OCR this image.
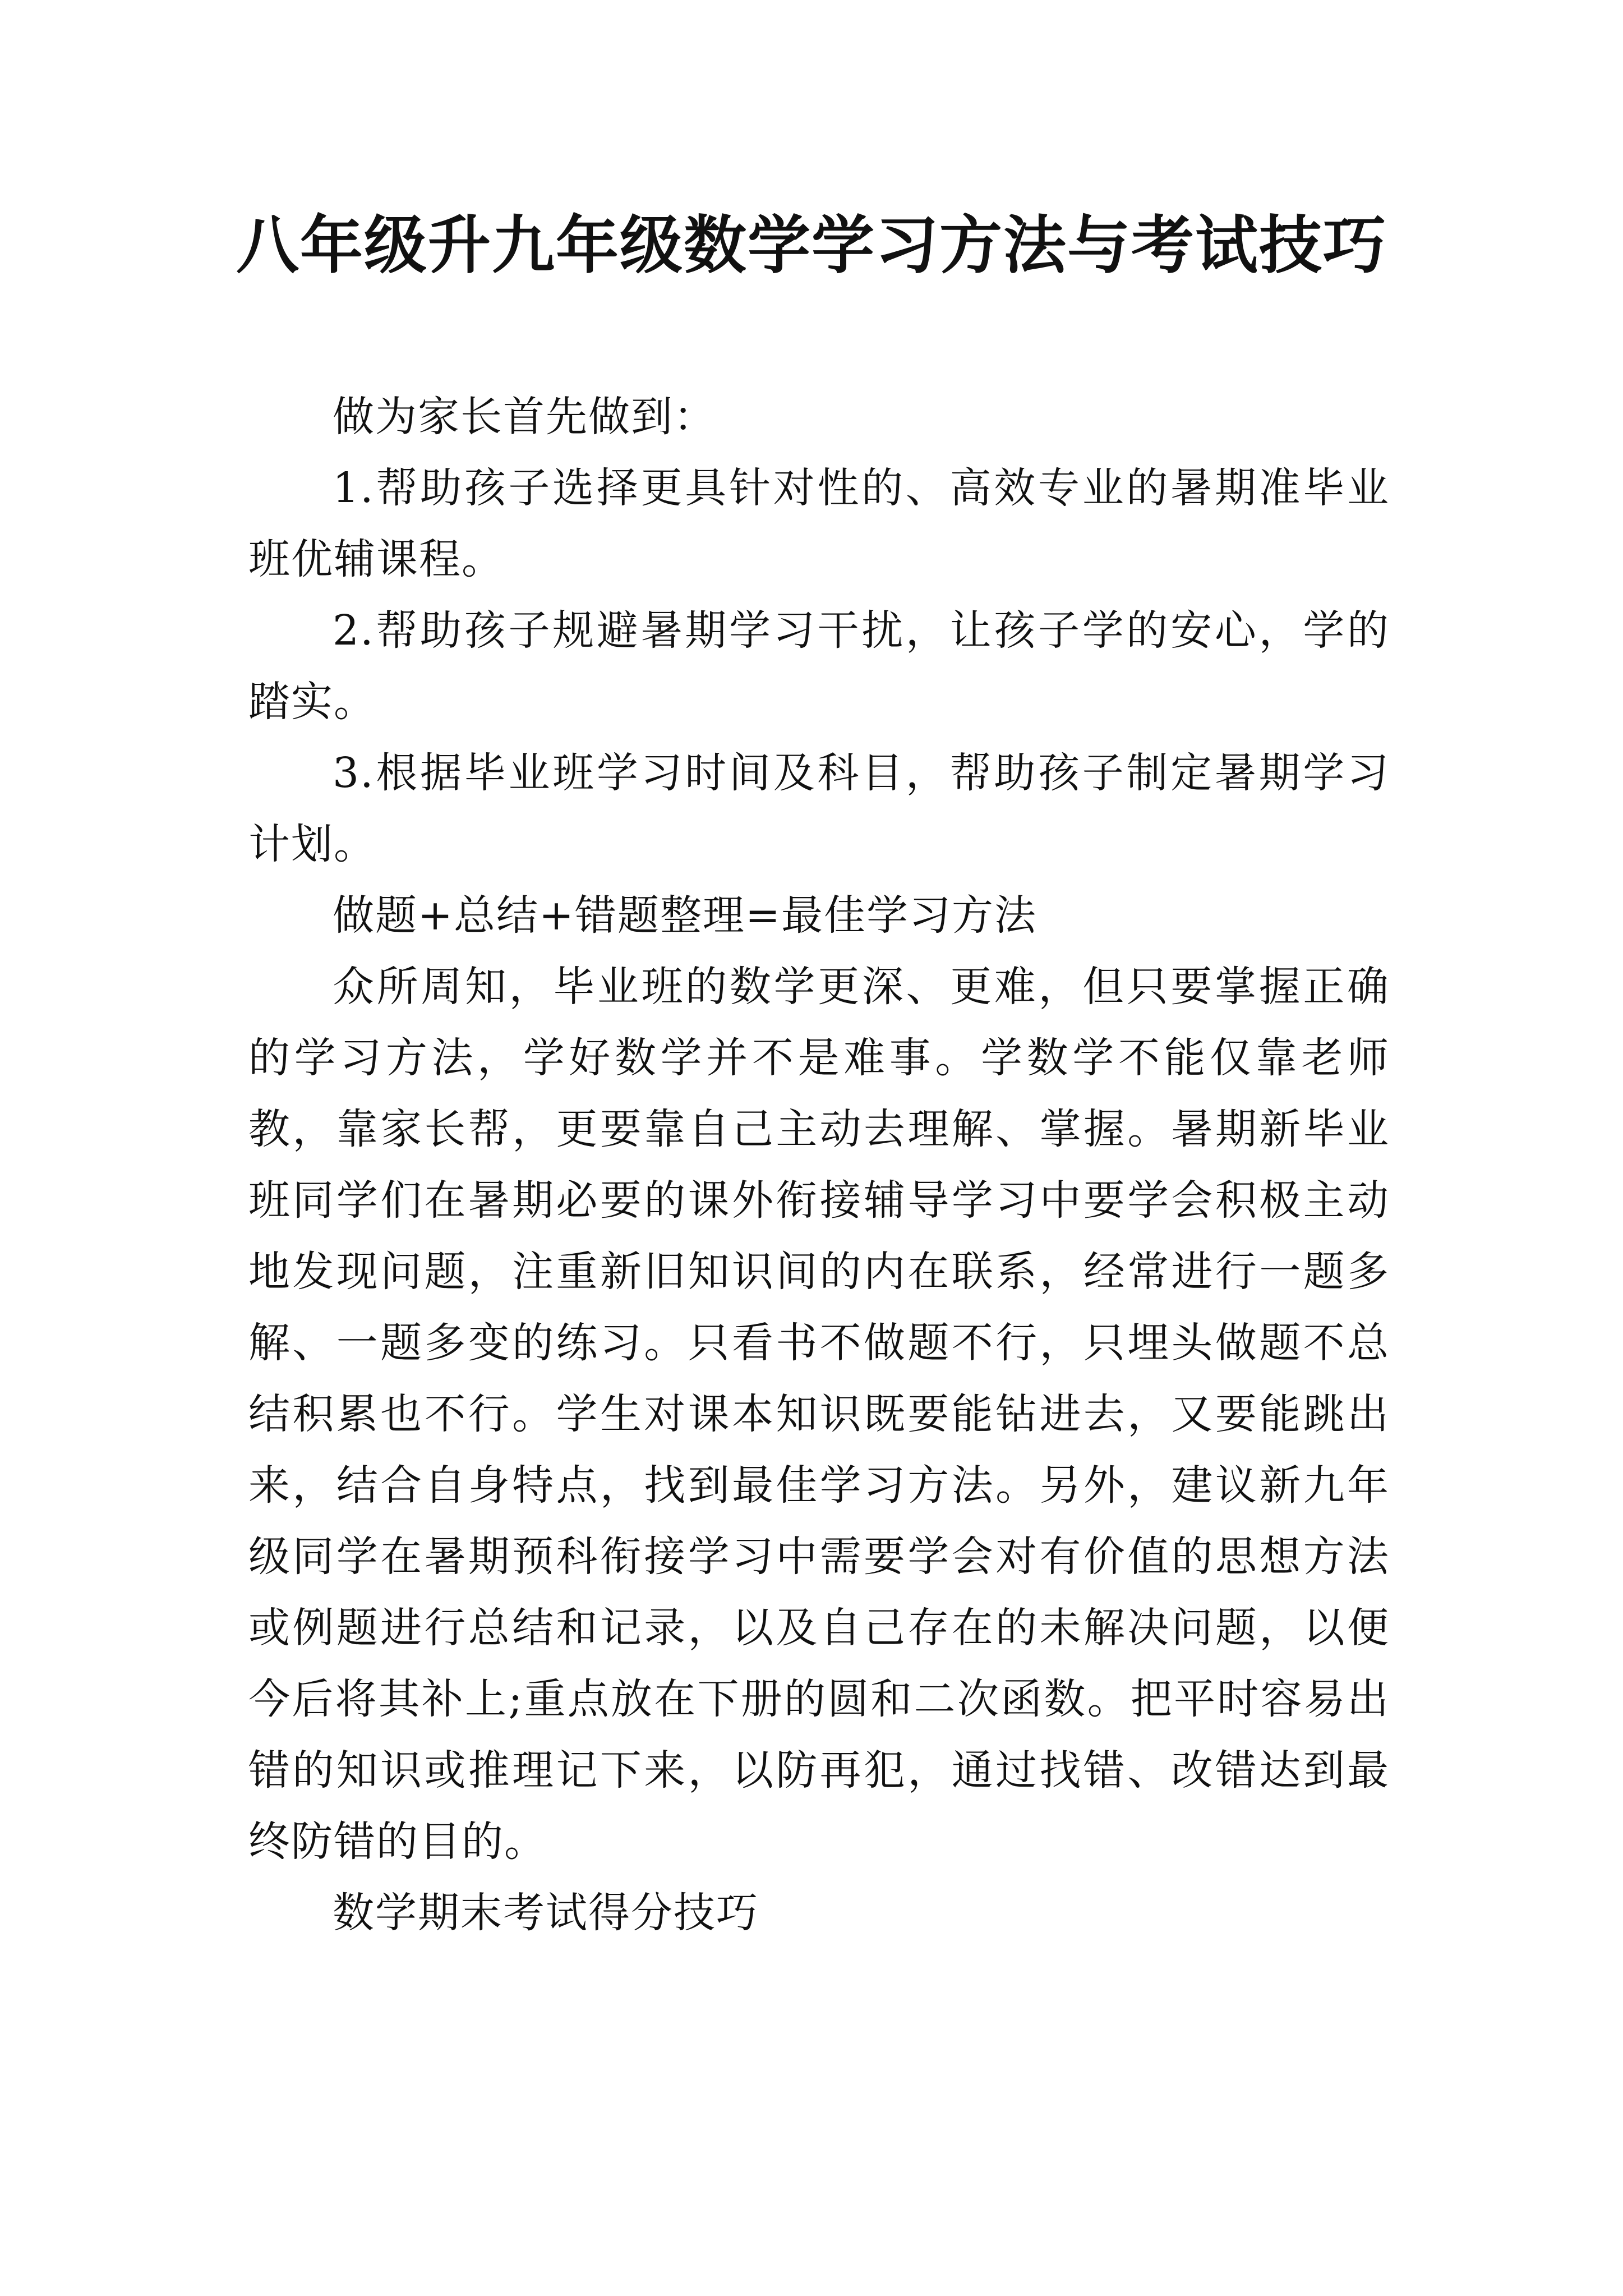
八年级升九年级数学学习方法与考试技巧

做为家长首先做到：

1.帮助孩子选择更具针对性的、高效专业的暑期准毕业班优辅课程。

2.帮助孩子规避暑期学习干扰，让孩子学的安心，学的踏实。

3.根据毕业班学习时间及科目，帮助孩子制定暑期学习计划。

做题+总结+错题整理=最佳学习方法

众所周知，毕业班的数学更深、更难，但只要掌握正确的学习方法，学好数学并不是难事。学数学不能仅靠老师教，靠家长帮，更要靠自己主动去理解、掌握。暑期新毕业班同学们在暑期必要的课外衔接辅导学习中要学会积极主动地发现问题，注重新旧知识间的内在联系，经常进行一题多解、一题多变的练习。只看书不做题不行，只埋头做题不总结积累也不行。学生对课本知识既要能钻进去，又要能跳出来，结合自身特点，找到最佳学习方法。另外，建议新九年级同学在暑期预科衔接学习中需要学会对有价值的思想方法或例题进行总结和记录，以及自己存在的未解决问题，以便今后将其补上;重点放在下册的圆和二次函数。把平时容易出错的知识或推理记下来，以防再犯，通过找错、改错达到最终防错的目的。

数学期末考试得分技巧
